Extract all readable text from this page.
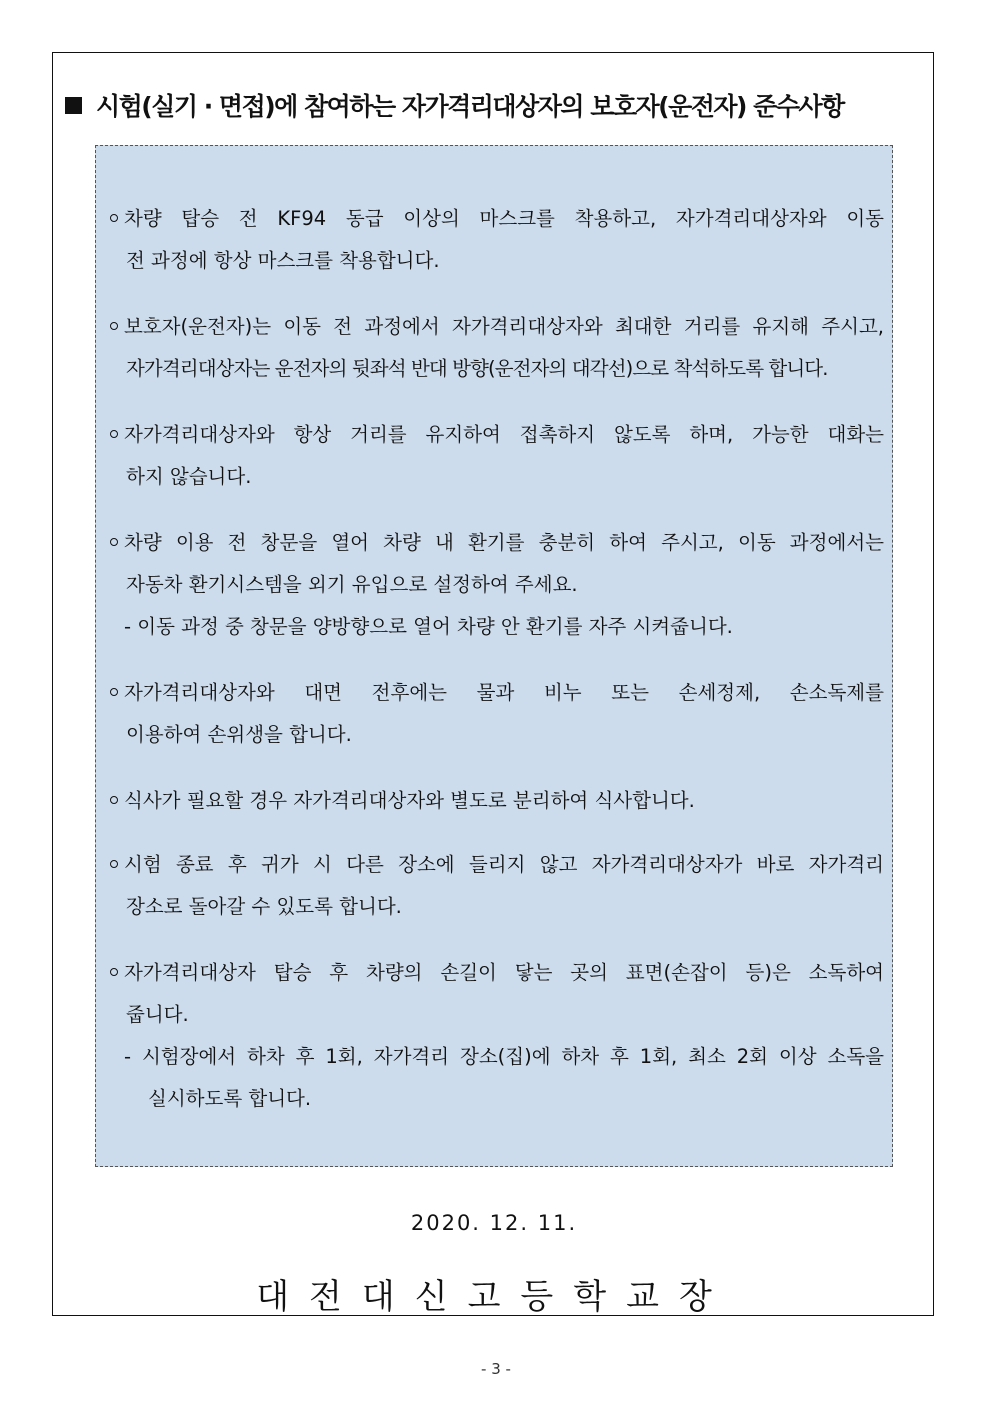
시험(실기 · 면접)에 참여하는 자가격리대상자의 보호자(운전자) 준수사항
차량 탑승 전 KF94 동급 이상의 마스크를 착용하고, 자가격리대상자와 이동
전 과정에 항상 마스크를 착용합니다.
보호자(운전자)는 이동 전 과정에서 자가격리대상자와 최대한 거리를 유지해 주시고,
자가격리대상자는 운전자의 뒷좌석 반대 방향(운전자의 대각선)으로 착석하도록 합니다.
자가격리대상자와 항상 거리를 유지하여 접촉하지 않도록 하며, 가능한 대화는
하지 않습니다.
차량 이용 전 창문을 열어 차량 내 환기를 충분히 하여 주시고, 이동 과정에서는
자동차 환기시스템을 외기 유입으로 설정하여 주세요.
- 이동 과정 중 창문을 양방향으로 열어 차량 안 환기를 자주 시켜줍니다.
자가격리대상자와 대면 전후에는 물과 비누 또는 손세정제, 손소독제를
이용하여 손위생을 합니다.
식사가 필요할 경우 자가격리대상자와 별도로 분리하여 식사합니다.
시험 종료 후 귀가 시 다른 장소에 들리지 않고 자가격리대상자가 바로 자가격리
장소로 돌아갈 수 있도록 합니다.
자가격리대상자 탑승 후 차량의 손길이 닿는 곳의 표면(손잡이 등)은 소독하여
줍니다.
- 시험장에서 하차 후 1회, 자가격리 장소(집)에 하차 후 1회, 최소 2회 이상 소독을
실시하도록 합니다.
2020. 12. 11.
대전대신고등학교장
- 3 -
